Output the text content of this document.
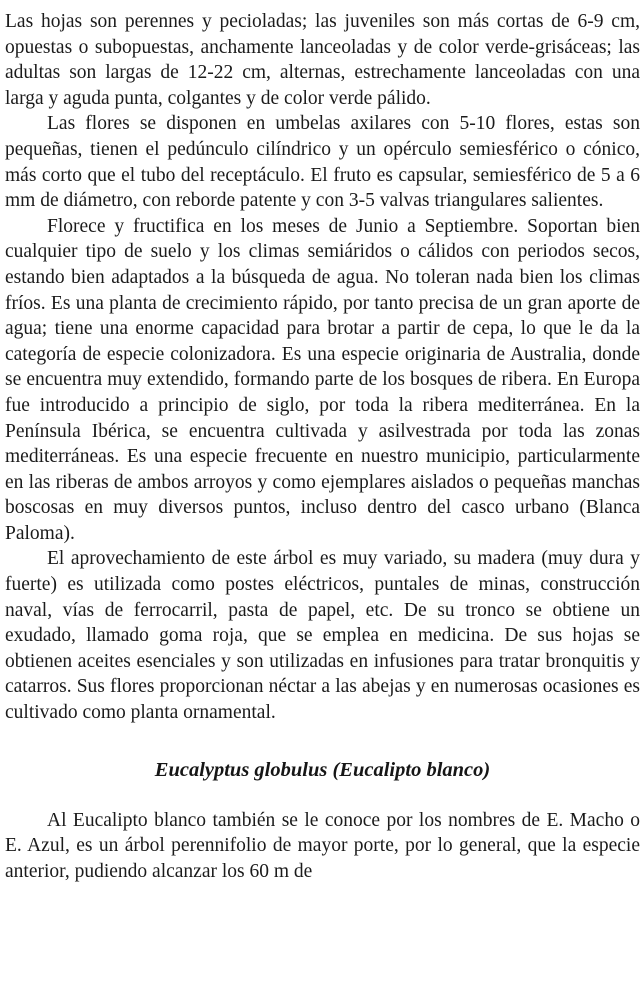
Las hojas son perennes y pecioladas; las juveniles son más cortas de 6-9 cm, opuestas o subopuestas, anchamente lanceoladas y de color verde-grisáceas; las adultas son largas de 12-22 cm, alternas, estrechamente lanceoladas con una larga y aguda punta, colgantes y de color verde pálido.

Las flores se disponen en umbelas axilares con 5-10 flores, estas son pequeñas, tienen el pedúnculo cilíndrico y un opérculo semiesférico o cónico, más corto que el tubo del receptáculo. El fruto es capsular, semiesférico de 5 a 6 mm de diámetro, con reborde patente y con 3-5 valvas triangulares salientes.

Florece y fructifica en los meses de Junio a Septiembre. Soportan bien cualquier tipo de suelo y los climas semiáridos o cálidos con periodos secos, estando bien adaptados a la búsqueda de agua. No toleran nada bien los climas fríos. Es una planta de crecimiento rápido, por tanto precisa de un gran aporte de agua; tiene una enorme capacidad para brotar a partir de cepa, lo que le da la categoría de especie colonizadora. Es una especie originaria de Australia, donde se encuentra muy extendido, formando parte de los bosques de ribera. En Europa fue introducido a principio de siglo, por toda la ribera mediterránea. En la Península Ibérica, se encuentra cultivada y asilvestrada por toda las zonas mediterráneas. Es una especie frecuente en nuestro municipio, particularmente en las riberas de ambos arroyos y como ejemplares aislados o pequeñas manchas boscosas en muy diversos puntos, incluso dentro del casco urbano (Blanca Paloma).

El aprovechamiento de este árbol es muy variado, su madera (muy dura y fuerte) es utilizada como postes eléctricos, puntales de minas, construcción naval, vías de ferrocarril, pasta de papel, etc. De su tronco se obtiene un exudado, llamado goma roja, que se emplea en medicina. De sus hojas se obtienen aceites esenciales y son utilizadas en infusiones para tratar bronquitis y catarros. Sus flores proporcionan néctar a las abejas y en numerosas ocasiones es cultivado como planta ornamental.

Eucalyptus globulus (Eucalipto blanco)

Al Eucalipto blanco también se le conoce por los nombres de E. Macho o E. Azul, es un árbol perennifolio de mayor porte, por lo general, que la especie anterior, pudiendo alcanzar los 60 m de
